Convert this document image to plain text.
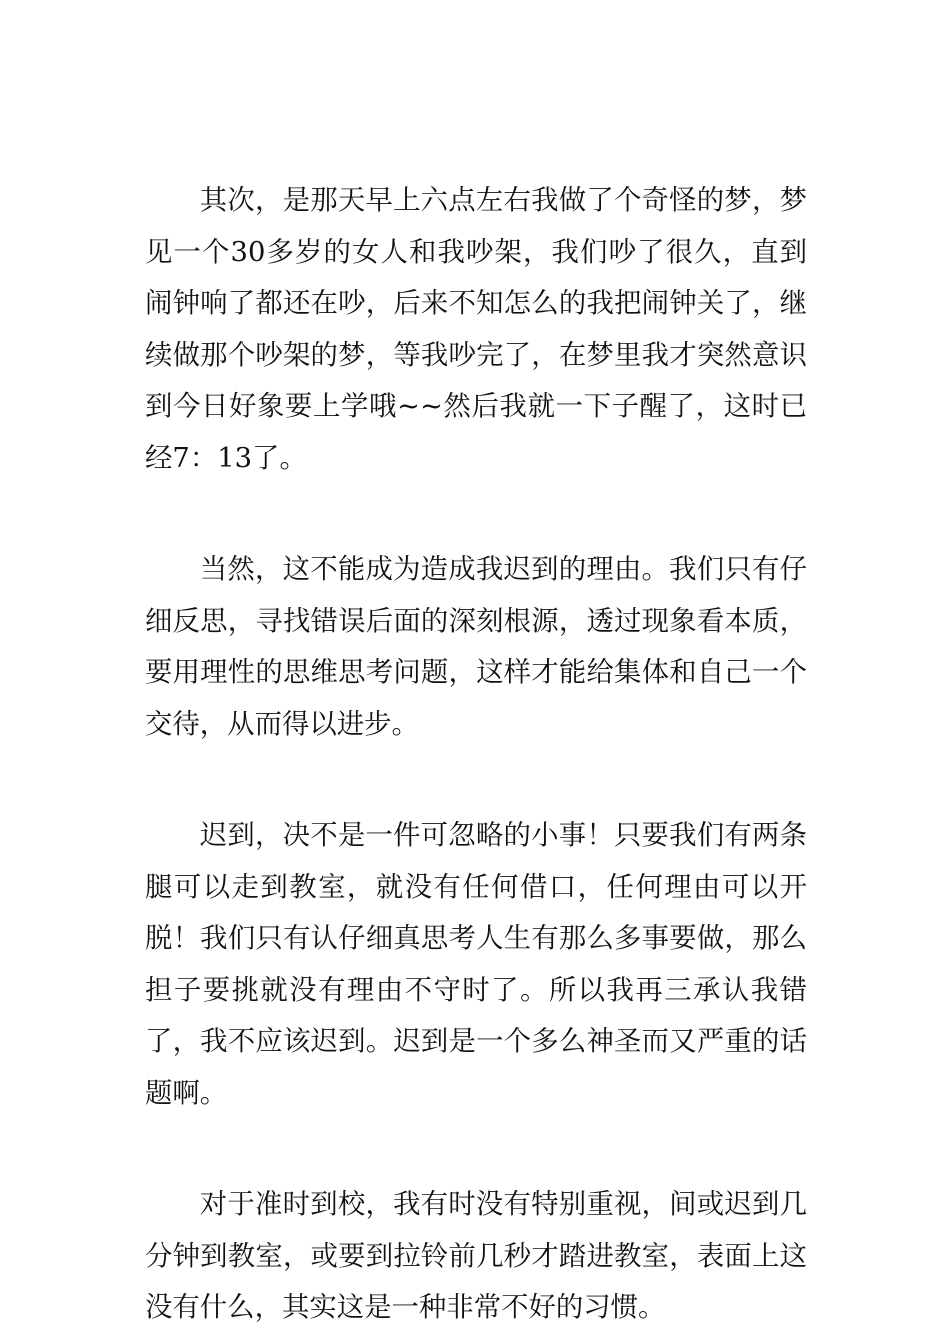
其次，是那天早上六点左右我做了个奇怪的梦，梦见一个30多岁的女人和我吵架，我们吵了很久，直到闹钟响了都还在吵，后来不知怎么的我把闹钟关了，继续做那个吵架的梦，等我吵完了，在梦里我才突然意识到今日好象要上学哦~~然后我就一下子醒了，这时已经7：13了。

当然，这不能成为造成我迟到的理由。我们只有仔细反思，寻找错误后面的深刻根源，透过现象看本质，要用理性的思维思考问题，这样才能给集体和自己一个交待，从而得以进步。

迟到，决不是一件可忽略的小事！只要我们有两条腿可以走到教室，就没有任何借口，任何理由可以开脱！我们只有认仔细真思考人生有那么多事要做，那么担子要挑就没有理由不守时了。所以我再三承认我错了，我不应该迟到。迟到是一个多么神圣而又严重的话题啊。

对于准时到校，我有时没有特别重视，间或迟到几分钟到教室，或要到拉铃前几秒才踏进教室，表面上这没有什么，其实这是一种非常不好的习惯。
